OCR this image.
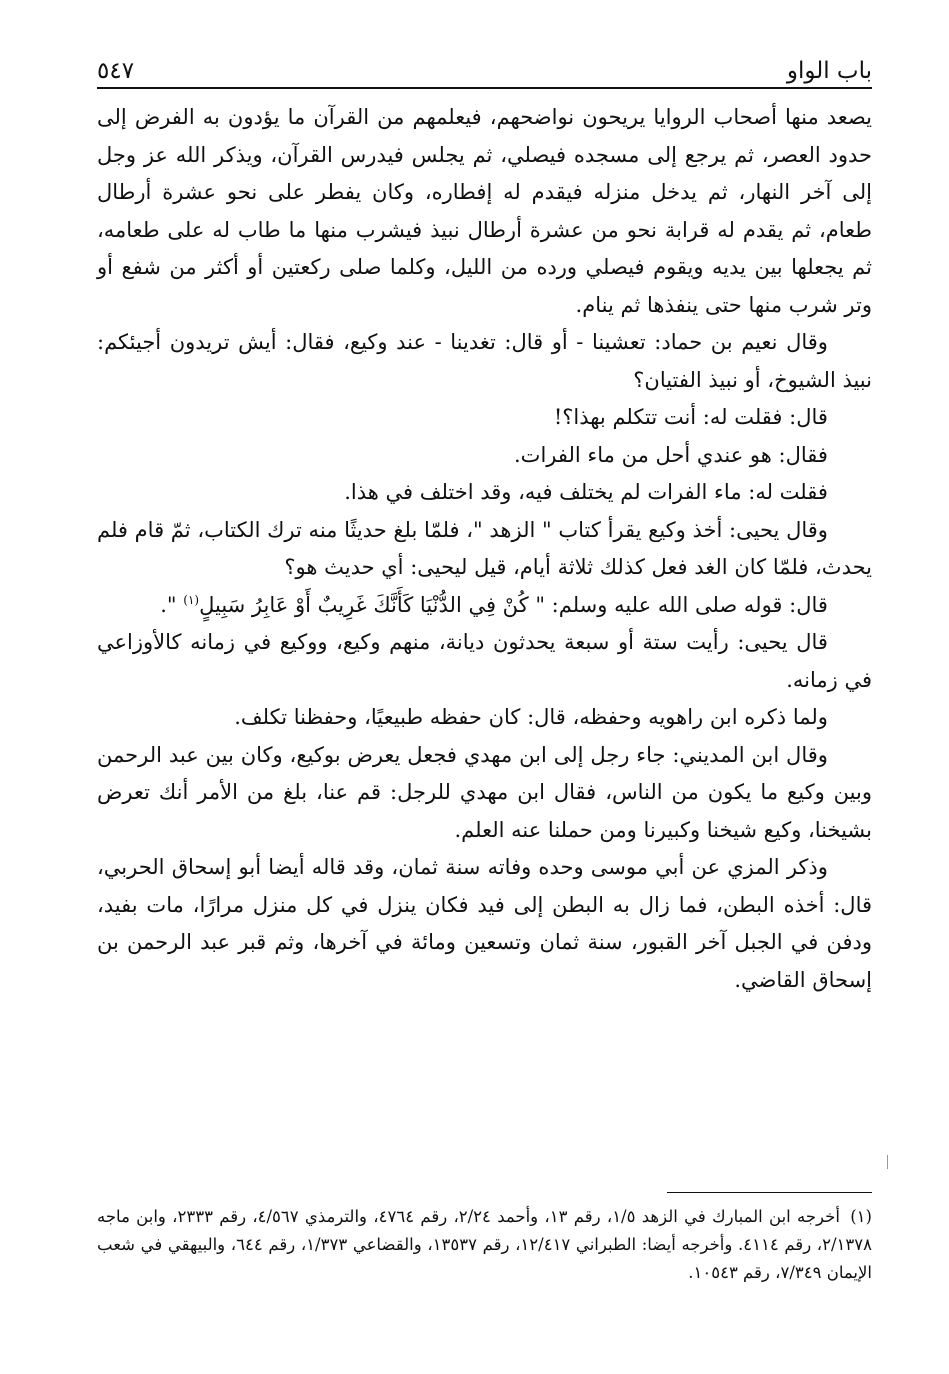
باب الواو
٥٤٧

يصعد منها أصحاب الروايا يريحون نواضحهم، فيعلمهم من القرآن ما يؤدون به الفرض إلى حدود العصر، ثم يرجع إلى مسجده فيصلي، ثم يجلس فيدرس القرآن، ويذكر الله عز وجل إلى آخر النهار، ثم يدخل منزله فيقدم له إفطاره، وكان يفطر على نحو عشرة أرطال طعام، ثم يقدم له قرابة نحو من عشرة أرطال نبيذ فيشرب منها ما طاب له على طعامه، ثم يجعلها بين يديه ويقوم فيصلي ورده من الليل، وكلما صلى ركعتين أو أكثر من شفع أو وتر شرب منها حتى ينفذها ثم ينام.

وقال نعيم بن حماد: تعشينا - أو قال: تغدينا - عند وكيع، فقال: أيش تريدون أجيئكم: نبيذ الشيوخ، أو نبيذ الفتيان؟

قال: فقلت له: أنت تتكلم بهذا؟!

فقال: هو عندي أحل من ماء الفرات.

فقلت له: ماء الفرات لم يختلف فيه، وقد اختلف في هذا.

وقال يحيى: أخذ وكيع يقرأ كتاب " الزهد "، فلمّا بلغ حديثًا منه ترك الكتاب، ثمّ قام فلم يحدث، فلمّا كان الغد فعل كذلك ثلاثة أيام، قيل ليحيى: أي حديث هو؟

قال: قوله صلى الله عليه وسلم: " كُنْ فِي الدُّنْيَا كَأَنَّكَ غَرِيبٌ أَوْ عَابِرُ سَبِيلٍ$^{(١)}$ ".

قال يحيى: رأيت ستة أو سبعة يحدثون ديانة، منهم وكيع، ووكيع في زمانه كالأوزاعي في زمانه.

ولما ذكره ابن راهويه وحفظه، قال: كان حفظه طبيعيًا، وحفظنا تكلف.

وقال ابن المديني: جاء رجل إلى ابن مهدي فجعل يعرض بوكيع، وكان بين عبد الرحمن وبين وكيع ما يكون من الناس، فقال ابن مهدي للرجل: قم عنا، بلغ من الأمر أنك تعرض بشيخنا، وكيع شيخنا وكبيرنا ومن حملنا عنه العلم.

وذكر المزي عن أبي موسى وحده وفاته سنة ثمان، وقد قاله أيضا أبو إسحاق الحربي، قال: أخذه البطن، فما زال به البطن إلى فيد فكان ينزل في كل منزل مرارًا، مات بفيد، ودفن في الجبل آخر القبور، سنة ثمان وتسعين ومائة في آخرها، وثم قبر عبد الرحمن بن إسحاق القاضي.

(١) أخرجه ابن المبارك في الزهد ١/٥، رقم ١٣، وأحمد ٢/٢٤، رقم ٤٧٦٤، والترمذي ٤/٥٦٧، رقم ٢٣٣٣، وابن ماجه ٢/١٣٧٨، رقم ٤١١٤. وأخرجه أيضا: الطبراني ١٢/٤١٧، رقم ١٣٥٣٧، والقضاعي ١/٣٧٣، رقم ٦٤٤، والبيهقي في شعب الإيمان ٧/٣٤٩، رقم ١٠٥٤٣.
